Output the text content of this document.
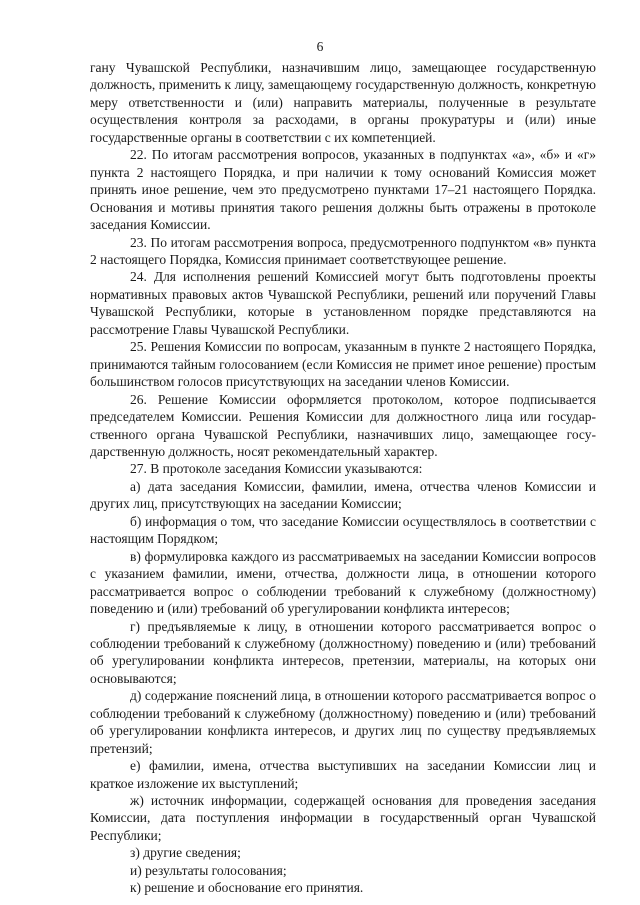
6

гану Чувашской Республики, назначившим лицо, замещающее государственную должность, применить к лицу, замещающему государственную должность, конкретную меру ответственности и (или) направить материалы, полученные в результате осуществления контроля за расходами, в органы прокуратуры и (или) иные государственные органы в соответствии с их компетенцией.

22. По итогам рассмотрения вопросов, указанных в подпунктах «а», «б» и «г» пункта 2 настоящего Порядка, и при наличии к тому оснований Комиссия может принять иное решение, чем это предусмотрено пунктами 17–21 настоящего Порядка. Основания и мотивы принятия такого решения должны быть отражены в протоколе заседания Комиссии.

23. По итогам рассмотрения вопроса, предусмотренного подпунктом «в» пункта 2 настоящего Порядка, Комиссия принимает соответствующее решение.

24. Для исполнения решений Комиссией могут быть подготовлены проекты нормативных правовых актов Чувашской Республики, решений или поручений Главы Чувашской Республики, которые в установленном порядке представляются на рассмотрение Главы Чувашской Республики.

25. Решения Комиссии по вопросам, указанным в пункте 2 настоящего Порядка, принимаются тайным голосованием (если Комиссия не примет иное решение) простым большинством голосов присутствующих на заседании членов Комиссии.

26. Решение Комиссии оформляется протоколом, которое подписывается председателем Комиссии. Решения Комиссии для должностного лица или государственного органа Чувашской Республики, назначивших лицо, замещающее государственную должность, носят рекомендательный характер.

27. В протоколе заседания Комиссии указываются:

а) дата заседания Комиссии, фамилии, имена, отчества членов Комиссии и других лиц, присутствующих на заседании Комиссии;

б) информация о том, что заседание Комиссии осуществлялось в соответствии с настоящим Порядком;

в) формулировка каждого из рассматриваемых на заседании Комиссии вопросов с указанием фамилии, имени, отчества, должности лица, в отношении которого рассматривается вопрос о соблюдении требований к служебному (должностному) поведению и (или) требований об урегулировании конфликта интересов;

г) предъявляемые к лицу, в отношении которого рассматривается вопрос о соблюдении требований к служебному (должностному) поведению и (или) требований об урегулировании конфликта интересов, претензии, материалы, на которых они основываются;

д) содержание пояснений лица, в отношении которого рассматривается вопрос о соблюдении требований к служебному (должностному) поведению и (или) требований об урегулировании конфликта интересов, и других лиц по существу предъявляемых претензий;

е) фамилии, имена, отчества выступивших на заседании Комиссии лиц и краткое изложение их выступлений;

ж) источник информации, содержащей основания для проведения заседания Комиссии, дата поступления информации в государственный орган Чувашской Республики;

з) другие сведения;

и) результаты голосования;

к) решение и обоснование его принятия.
